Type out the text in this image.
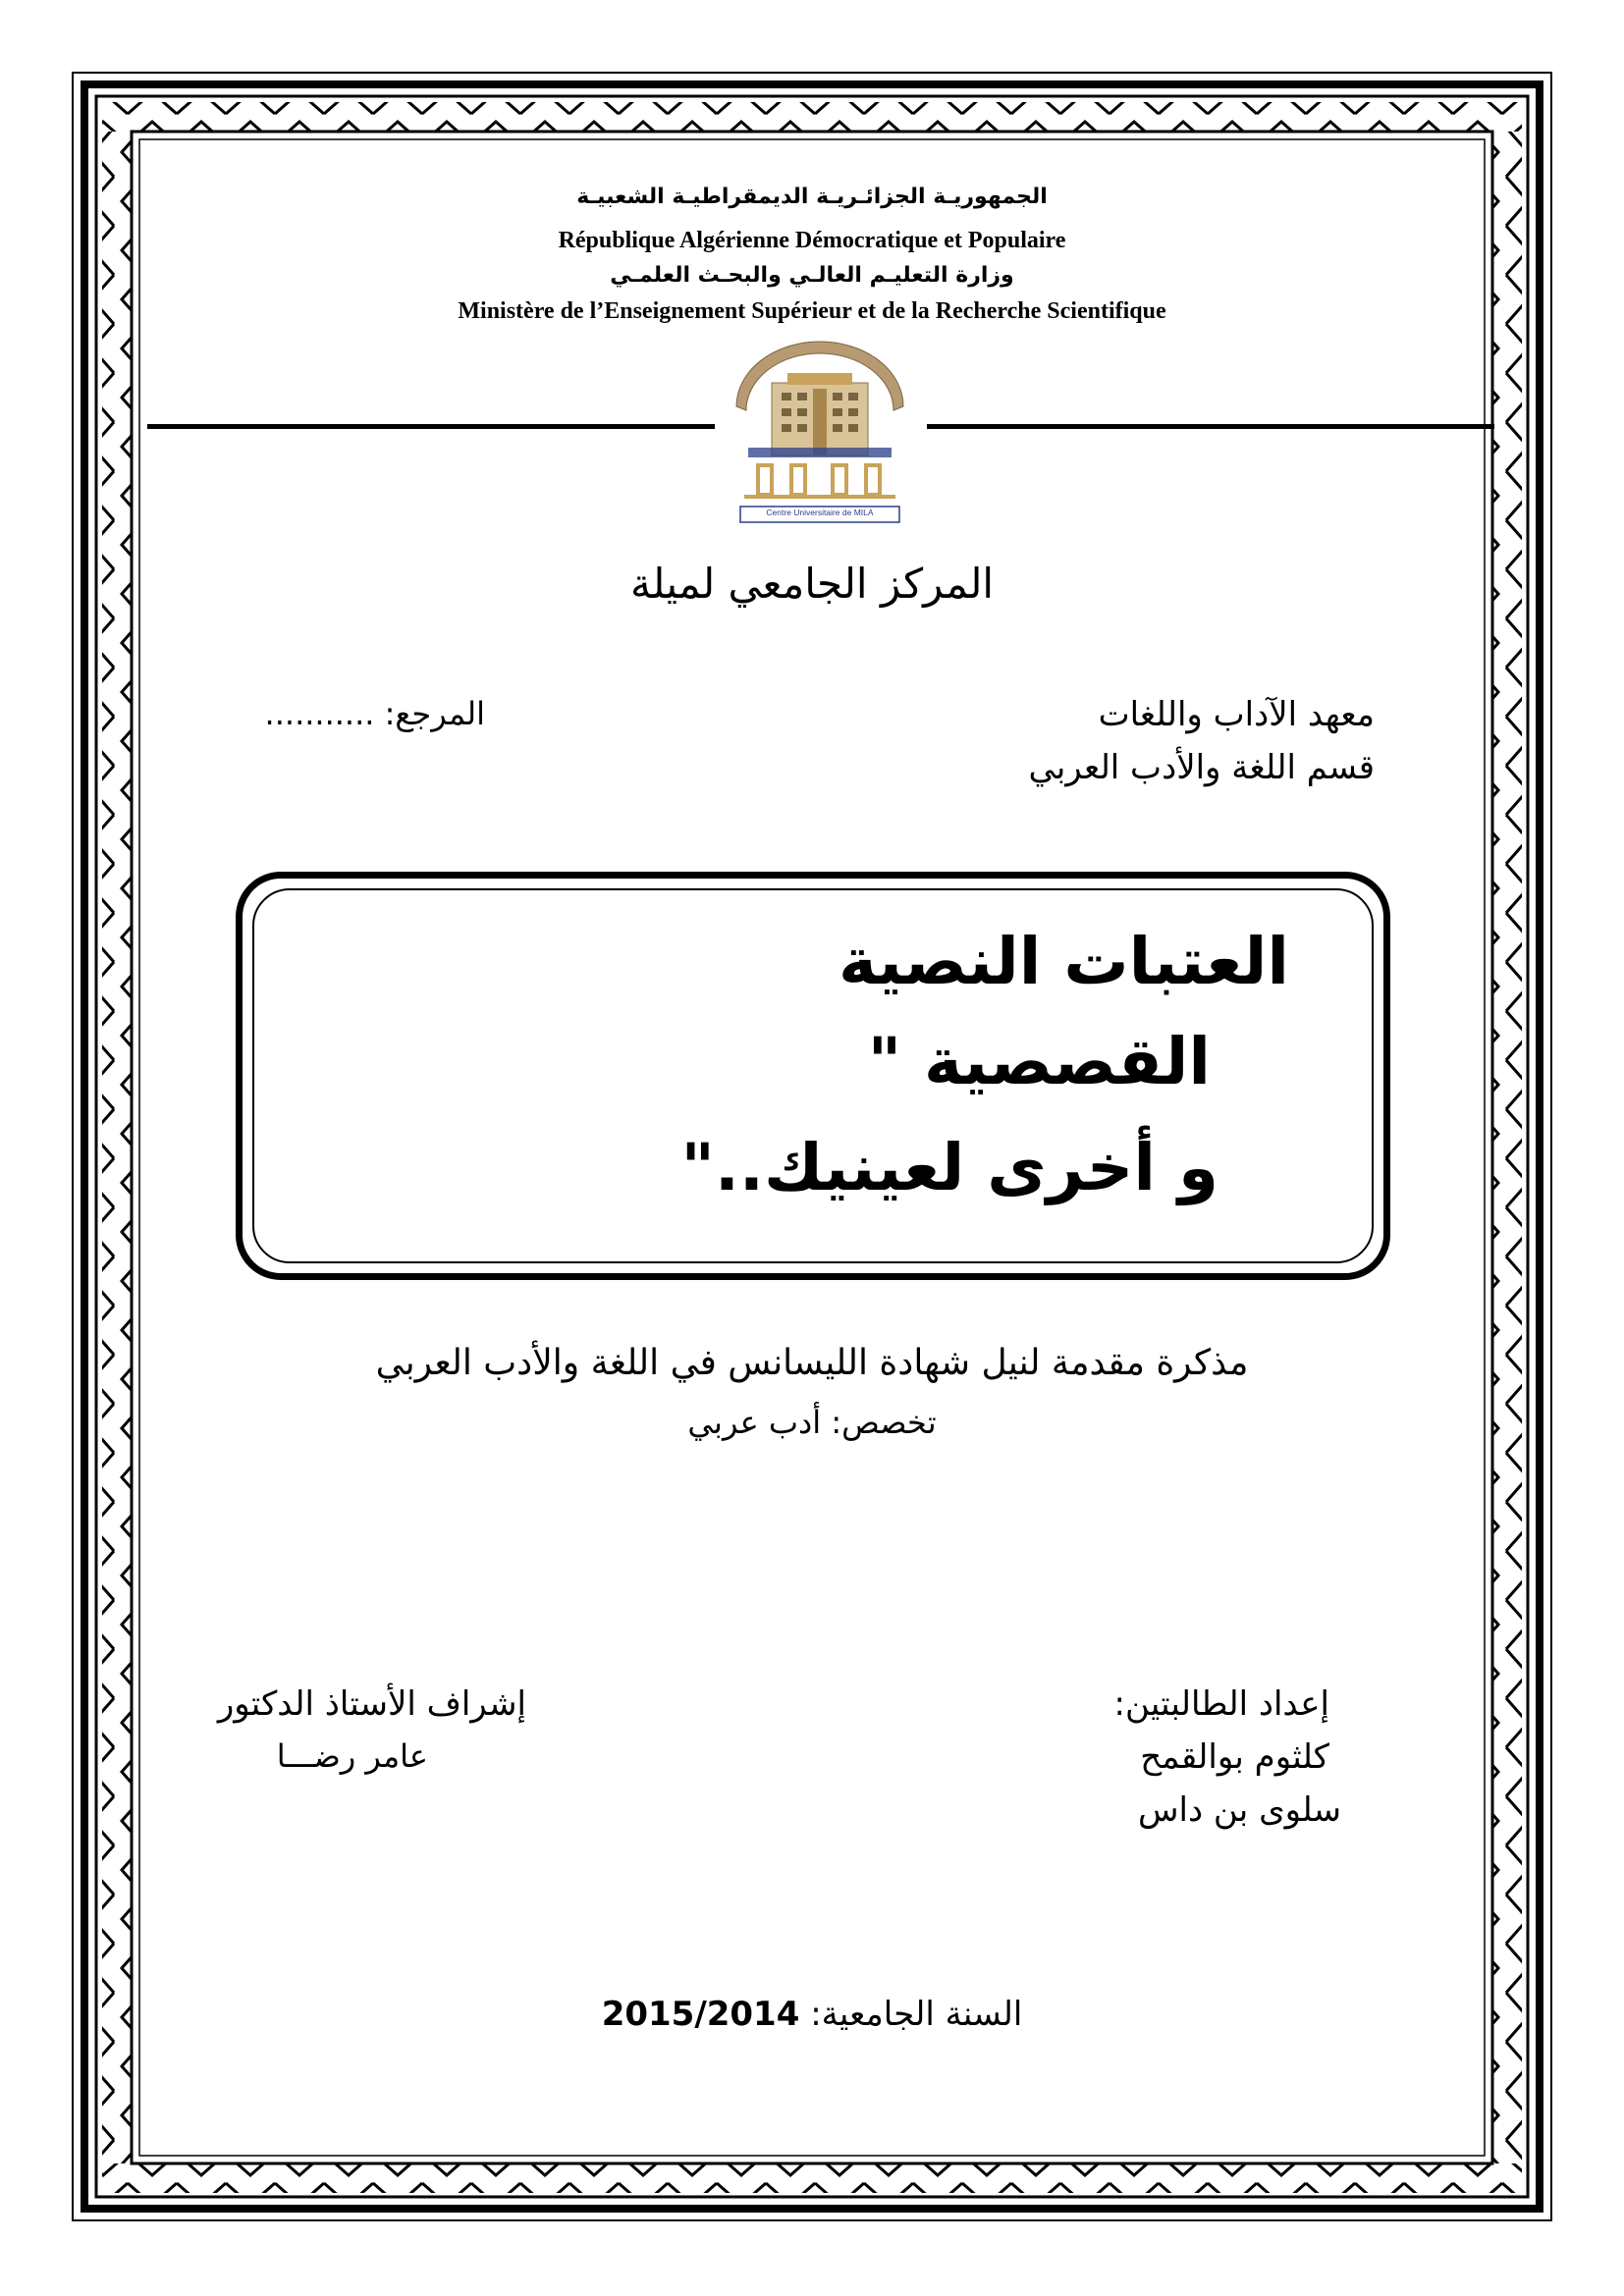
الجمهوريـة الجزائـريـة الديمقراطيـة الشعبيـة
République Algérienne Démocratique et Populaire
وزارة التعليـم العالـي والبحـث العلمـي
Ministère de l’Enseignement Supérieur et de la Recherche Scientifique
Centre Universitaire de MILA
المركز الجامعي لميلة
معهد الآداب واللغات
قسم اللغة والأدب العربي
المرجع: ...........
العتبات النصية
القصصية "
و أخرى لعينيك.."
مذكرة مقدمة لنيل شهادة الليسانس في اللغة والأدب العربي
تخصص: أدب عربي
إعداد الطالبتين:
كلثوم بوالقمح
سلوى بن داس
إشراف الأستاذ الدكتور
عامر رضـــا
السنة الجامعية: 2015/2014
